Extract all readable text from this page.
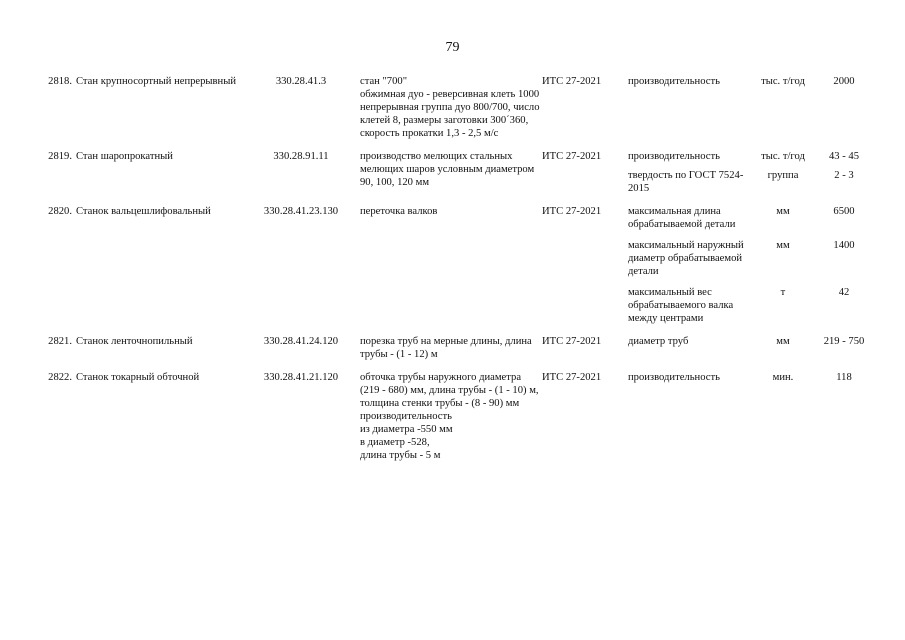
79
2818.	Стан крупносортный непрерывный	330.28.41.3	стан "700"
обжимная дуо - реверсивная клеть 1000
непрерывная группа дуо 800/700, число клетей 8, размеры заготовки 300´360,
скорость прокатки 1,3 - 2,5 м/с	ИТС 27-2021	производительность	тыс. т/год	2000
2819.	Стан шаропрокатный	330.28.91.11	производство мелющих стальных мелющих шаров условным диаметром 90, 100, 120 мм	ИТС 27-2021	производительность	тыс. т/год	43 - 45
					твердость по ГОСТ 7524-2015	группа	2 - 3
2820.	Станок вальцешлифовальный	330.28.41.23.130	переточка валков	ИТС 27-2021	максимальная длина обрабатываемой детали	мм	6500
					максимальный наружный диаметр обрабатываемой детали	мм	1400
					максимальный вес обрабатываемого валка между центрами	т	42
2821.	Станок ленточнопильный	330.28.41.24.120	порезка труб на мерные длины, длина трубы - (1 - 12) м	ИТС 27-2021	диаметр труб	мм	219 - 750
2822.	Станок токарный обточной	330.28.41.21.120	обточка трубы наружного диаметра (219 - 680) мм, длина трубы - (1 - 10) м, толщина стенки трубы - (8 - 90) мм
производительность
из диаметра -550 мм
в диаметр -528,
длина трубы - 5 м	ИТС 27-2021	производительность	мин.	118
